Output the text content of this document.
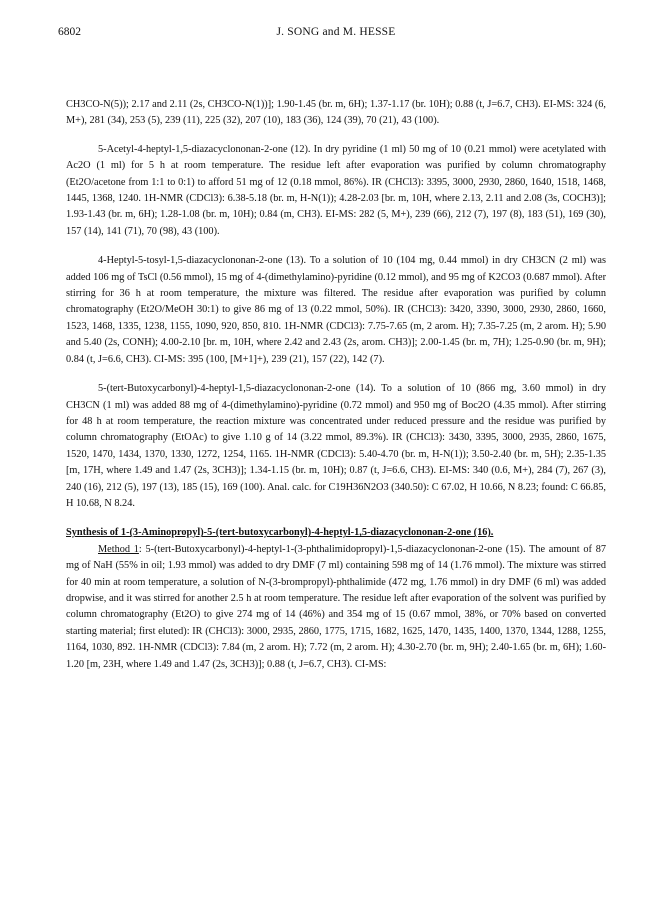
6802	J. SONG and M. HESSE

CH3CO-N(5)); 2.17 and 2.11 (2s, CH3CO-N(1))]; 1.90-1.45 (br. m, 6H); 1.37-1.17 (br. 10H); 0.88 (t, J=6.7, CH3). EI-MS: 324 (6, M+), 281 (34), 253 (5), 239 (11), 225 (32), 207 (10), 183 (36), 124 (39), 70 (21), 43 (100).

5-Acetyl-4-heptyl-1,5-diazacyclononan-2-one (12). In dry pyridine (1 ml) 50 mg of 10 (0.21 mmol) were acetylated with Ac2O (1 ml) for 5 h at room temperature. The residue left after evaporation was purified by column chromatography (Et2O/acetone from 1:1 to 0:1) to afford 51 mg of 12 (0.18 mmol, 86%). IR (CHCl3): 3395, 3000, 2930, 2860, 1640, 1518, 1468, 1445, 1368, 1240. 1H-NMR (CDCl3): 6.38-5.18 (br. m, H-N(1)); 4.28-2.03 [br. m, 10H, where 2.13, 2.11 and 2.08 (3s, COCH3)]; 1.93-1.43 (br. m, 6H); 1.28-1.08 (br. m, 10H); 0.84 (m, CH3). EI-MS: 282 (5, M+), 239 (66), 212 (7), 197 (8), 183 (51), 169 (30), 157 (14), 141 (71), 70 (98), 43 (100).

4-Heptyl-5-tosyl-1,5-diazacyclononan-2-one (13). To a solution of 10 (104 mg, 0.44 mmol) in dry CH3CN (2 ml) was added 106 mg of TsCl (0.56 mmol), 15 mg of 4-(dimethylamino)-pyridine (0.12 mmol), and 95 mg of K2CO3 (0.687 mmol). After stirring for 36 h at room temperature, the mixture was filtered. The residue after evaporation was purified by column chromatography (Et2O/MeOH 30:1) to give 86 mg of 13 (0.22 mmol, 50%). IR (CHCl3): 3420, 3390, 3000, 2930, 2860, 1660, 1523, 1468, 1335, 1238, 1155, 1090, 920, 850, 810. 1H-NMR (CDCl3): 7.75-7.65 (m, 2 arom. H); 7.35-7.25 (m, 2 arom. H); 5.90 and 5.40 (2s, CONH); 4.00-2.10 [br. m, 10H, where 2.42 and 2.43 (2s, arom. CH3)]; 2.00-1.45 (br. m, 7H); 1.25-0.90 (br. m, 9H); 0.84 (t, J=6.6, CH3). CI-MS: 395 (100, [M+1]+), 239 (21), 157 (22), 142 (7).

5-(tert-Butoxycarbonyl)-4-heptyl-1,5-diazacyclononan-2-one (14). To a solution of 10 (866 mg, 3.60 mmol) in dry CH3CN (1 ml) was added 88 mg of 4-(dimethylamino)-pyridine (0.72 mmol) and 950 mg of Boc2O (4.35 mmol). After stirring for 48 h at room temperature, the reaction mixture was concentrated under reduced pressure and the residue was purified by column chromatography (EtOAc) to give 1.10 g of 14 (3.22 mmol, 89.3%). IR (CHCl3): 3430, 3395, 3000, 2935, 2860, 1675, 1520, 1470, 1434, 1370, 1330, 1272, 1254, 1165. 1H-NMR (CDCl3): 5.40-4.70 (br. m, H-N(1)); 3.50-2.40 (br. m, 5H); 2.35-1.35 [m, 17H, where 1.49 and 1.47 (2s, 3CH3)]; 1.34-1.15 (br. m, 10H); 0.87 (t, J=6.6, CH3). EI-MS: 340 (0.6, M+), 284 (7), 267 (3), 240 (16), 212 (5), 197 (13), 185 (15), 169 (100). Anal. calc. for C19H36N2O3 (340.50): C 67.02, H 10.66, N 8.23; found: C 66.85, H 10.68, N 8.24.

Synthesis of 1-(3-Aminopropyl)-5-(tert-butoxycarbonyl)-4-heptyl-1,5-diazacyclononan-2-one (16).

Method 1: 5-(tert-Butoxycarbonyl)-4-heptyl-1-(3-phthalimidopropyl)-1,5-diazacyclononan-2-one (15). The amount of 87 mg of NaH (55% in oil; 1.93 mmol) was added to dry DMF (7 ml) containing 598 mg of 14 (1.76 mmol). The mixture was stirred for 40 min at room temperature, a solution of N-(3-brompropyl)-phthalimide (472 mg, 1.76 mmol) in dry DMF (6 ml) was added dropwise, and it was stirred for another 2.5 h at room temperature. The residue left after evaporation of the solvent was purified by column chromatography (Et2O) to give 274 mg of 14 (46%) and 354 mg of 15 (0.67 mmol, 38%, or 70% based on converted starting material; first eluted): IR (CHCl3): 3000, 2935, 2860, 1775, 1715, 1682, 1625, 1470, 1435, 1400, 1370, 1344, 1288, 1255, 1164, 1030, 892. 1H-NMR (CDCl3): 7.84 (m, 2 arom. H); 7.72 (m, 2 arom. H); 4.30-2.70 (br. m, 9H); 2.40-1.65 (br. m, 6H); 1.60-1.20 [m, 23H, where 1.49 and 1.47 (2s, 3CH3)]; 0.88 (t, J=6.7, CH3). CI-MS:
